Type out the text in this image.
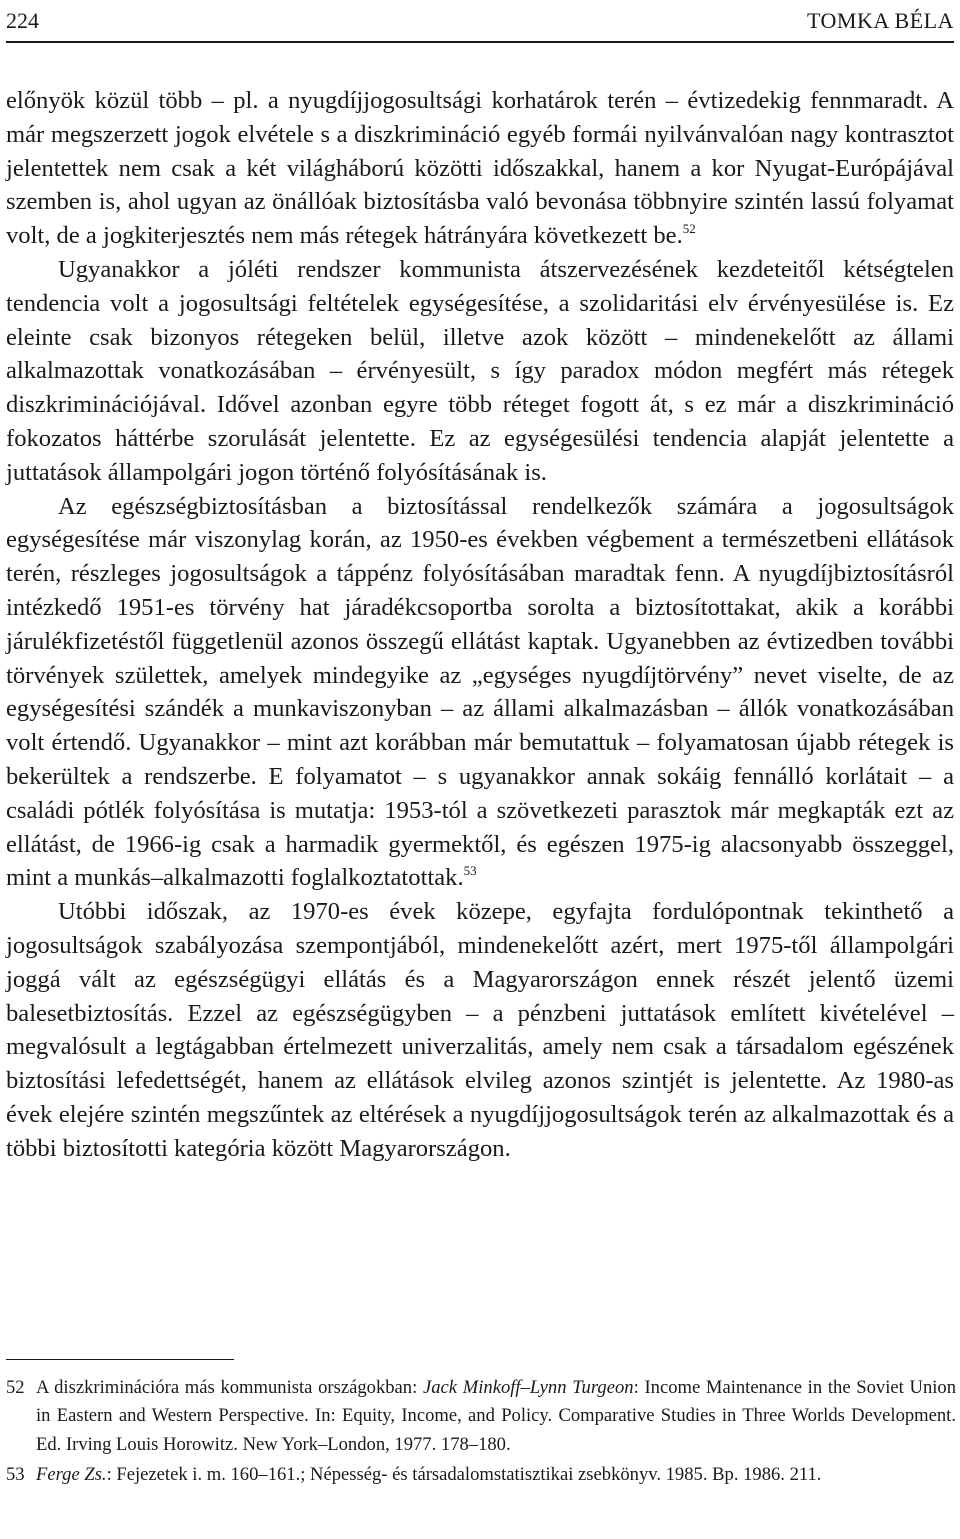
224	TOMKA BÉLA

előnyök közül több – pl. a nyugdíjjogosultsági korhatárok terén – évtizedekig fennmaradt. A már megszerzett jogok elvétele s a diszkrimináció egyéb formái nyilvánvalóan nagy kontrasztot jelentettek nem csak a két világháború közötti időszakkal, hanem a kor Nyugat-Európájával szemben is, ahol ugyan az önállóak biztosításba való bevonása többnyire szintén lassú folyamat volt, de a jogkiterjesztés nem más rétegek hátrányára következett be.$^{52}$

Ugyanakkor a jóléti rendszer kommunista átszervezésének kezdeteitől kétségtelen tendencia volt a jogosultsági feltételek egységesítése, a szolidaritási elv érvényesülése is. Ez eleinte csak bizonyos rétegeken belül, illetve azok között – mindenekelőtt az állami alkalmazottak vonatkozásában – érvényesült, s így paradox módon megfért más rétegek diszkriminációjával. Idővel azonban egyre több réteget fogott át, s ez már a diszkrimináció fokozatos háttérbe szorulását jelentette. Ez az egységesülési tendencia alapját jelentette a juttatások állampolgári jogon történő folyósításának is.

Az egészségbiztosításban a biztosítással rendelkezők számára a jogosultságok egységesítése már viszonylag korán, az 1950-es években végbement a természetbeni ellátások terén, részleges jogosultságok a táppénz folyósításában maradtak fenn. A nyugdíjbiztosításról intézkedő 1951-es törvény hat járadékcsoportba sorolta a biztosítottakat, akik a korábbi járulékfizetéstől függetlenül azonos összegű ellátást kaptak. Ugyanebben az évtizedben további törvények születtek, amelyek mindegyike az „egységes nyugdíjtörvény” nevet viselte, de az egységesítési szándék a munkaviszonyban – az állami alkalmazásban – állók vonatkozásában volt értendő. Ugyanakkor – mint azt korábban már bemutattuk – folyamatosan újabb rétegek is bekerültek a rendszerbe. E folyamatot – s ugyanakkor annak sokáig fennálló korlátait – a családi pótlék folyósítása is mutatja: 1953-tól a szövetkezeti parasztok már megkapták ezt az ellátást, de 1966-ig csak a harmadik gyermektől, és egészen 1975-ig alacsonyabb összeggel, mint a munkás–alkalmazotti foglalkoztatottak.$^{53}$

Utóbbi időszak, az 1970-es évek közepe, egyfajta fordulópontnak tekinthető a jogosultságok szabályozása szempontjából, mindenekelőtt azért, mert 1975-től állampolgári joggá vált az egészségügyi ellátás és a Magyarországon ennek részét jelentő üzemi balesetbiztosítás. Ezzel az egészségügyben – a pénzbeni juttatások említett kivételével – megvalósult a legtágabban értelmezett univerzalitás, amely nem csak a társadalom egészének biztosítási lefedettségét, hanem az ellátások elvileg azonos szintjét is jelentette. Az 1980-as évek elejére szintén megszűntek az eltérések a nyugdíjjogosultságok terén az alkalmazottak és a többi biztosítotti kategória között Magyarországon.

52 A diszkriminációra más kommunista országokban: Jack Minkoff–Lynn Turgeon: Income Maintenance in the Soviet Union in Eastern and Western Perspective. In: Equity, Income, and Policy. Comparative Studies in Three Worlds Development. Ed. Irving Louis Horowitz. New York–London, 1977. 178–180.

53 Ferge Zs.: Fejezetek i. m. 160–161.; Népesség- és társadalomstatisztikai zsebkönyv. 1985. Bp. 1986. 211.
